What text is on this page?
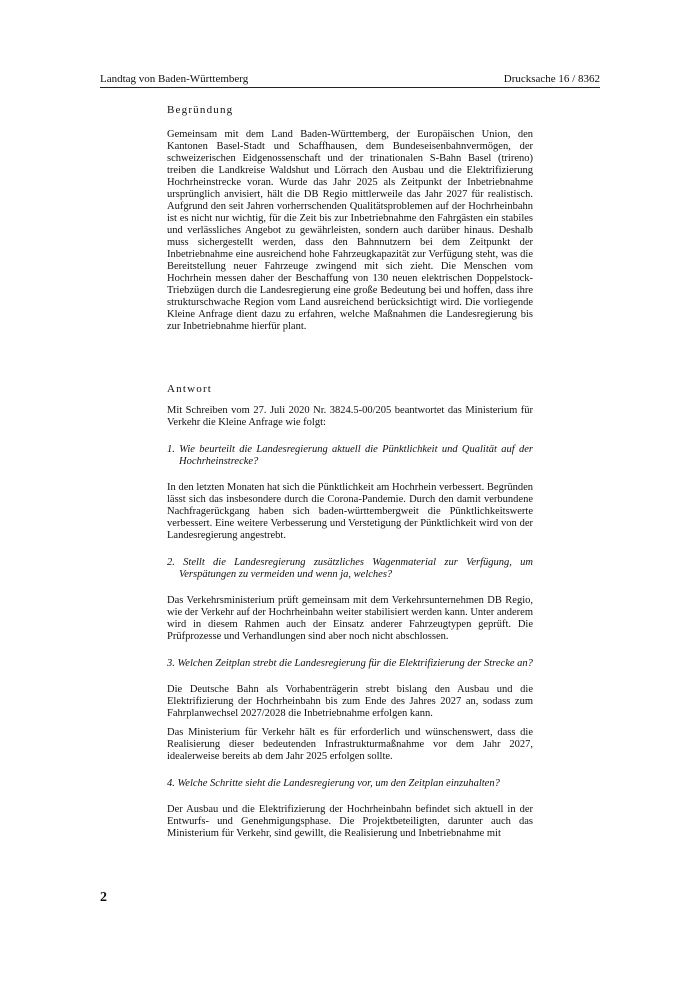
Landtag von Baden-Württemberg	Drucksache 16 / 8362

Begründung

Gemeinsam mit dem Land Baden-Württemberg, der Europäischen Union, den Kantonen Basel-Stadt und Schaffhausen, dem Bundeseisenbahnvermögen, der schweizerischen Eidgenossenschaft und der trinationalen S-Bahn Basel (trireno) treiben die Landkreise Waldshut und Lörrach den Ausbau und die Elektrifizierung Hochrheinstrecke voran. Wurde das Jahr 2025 als Zeitpunkt der Inbetriebnahme ursprünglich anvisiert, hält die DB Regio mittlerweile das Jahr 2027 für realistisch. Aufgrund den seit Jahren vorherrschenden Qualitätsproblemen auf der Hochrheinbahn ist es nicht nur wichtig, für die Zeit bis zur Inbetriebnahme den Fahrgästen ein stabiles und verlässliches Angebot zu gewährleisten, sondern auch darüber hinaus. Deshalb muss sichergestellt werden, dass den Bahnnutzern bei dem Zeitpunkt der Inbetriebnahme eine ausreichend hohe Fahrzeugkapazität zur Verfügung steht, was die Bereitstellung neuer Fahrzeuge zwingend mit sich zieht. Die Menschen vom Hochrhein messen daher der Beschaffung von 130 neuen elektrischen Doppelstock-Triebzügen durch die Landesregierung eine große Bedeutung bei und hoffen, dass ihre strukturschwache Region vom Land ausreichend berücksichtigt wird. Die vorliegende Kleine Anfrage dient dazu zu erfahren, welche Maßnahmen die Landesregierung bis zur Inbetriebnahme hierfür plant.

Antwort

Mit Schreiben vom 27. Juli 2020 Nr. 3824.5-00/205 beantwortet das Ministerium für Verkehr die Kleine Anfrage wie folgt:

1. Wie beurteilt die Landesregierung aktuell die Pünktlichkeit und Qualität auf der Hochrheinstrecke?

In den letzten Monaten hat sich die Pünktlichkeit am Hochrhein verbessert. Begründen lässt sich das insbesondere durch die Corona-Pandemie. Durch den damit verbundene Nachfragerückgang haben sich baden-württembergweit die Pünktlichkeitswerte verbessert. Eine weitere Verbesserung und Verstetigung der Pünktlichkeit wird von der Landesregierung angestrebt.

2. Stellt die Landesregierung zusätzliches Wagenmaterial zur Verfügung, um Verspätungen zu vermeiden und wenn ja, welches?

Das Verkehrsministerium prüft gemeinsam mit dem Verkehrsunternehmen DB Regio, wie der Verkehr auf der Hochrheinbahn weiter stabilisiert werden kann. Unter anderem wird in diesem Rahmen auch der Einsatz anderer Fahrzeugtypen geprüft. Die Prüfprozesse und Verhandlungen sind aber noch nicht abschlossen.

3. Welchen Zeitplan strebt die Landesregierung für die Elektrifizierung der Strecke an?

Die Deutsche Bahn als Vorhabenträgerin strebt bislang den Ausbau und die Elektrifizierung der Hochrheinbahn bis zum Ende des Jahres 2027 an, sodass zum Fahrplanwechsel 2027/2028 die Inbetriebnahme erfolgen kann.

Das Ministerium für Verkehr hält es für erforderlich und wünschenswert, dass die Realisierung dieser bedeutenden Infrastrukturmaßnahme vor dem Jahr 2027, idealerweise bereits ab dem Jahr 2025 erfolgen sollte.

4. Welche Schritte sieht die Landesregierung vor, um den Zeitplan einzuhalten?

Der Ausbau und die Elektrifizierung der Hochrheinbahn befindet sich aktuell in der Entwurfs- und Genehmigungsphase. Die Projektbeteiligten, darunter auch das Ministerium für Verkehr, sind gewillt, die Realisierung und Inbetriebnahme mit

2
